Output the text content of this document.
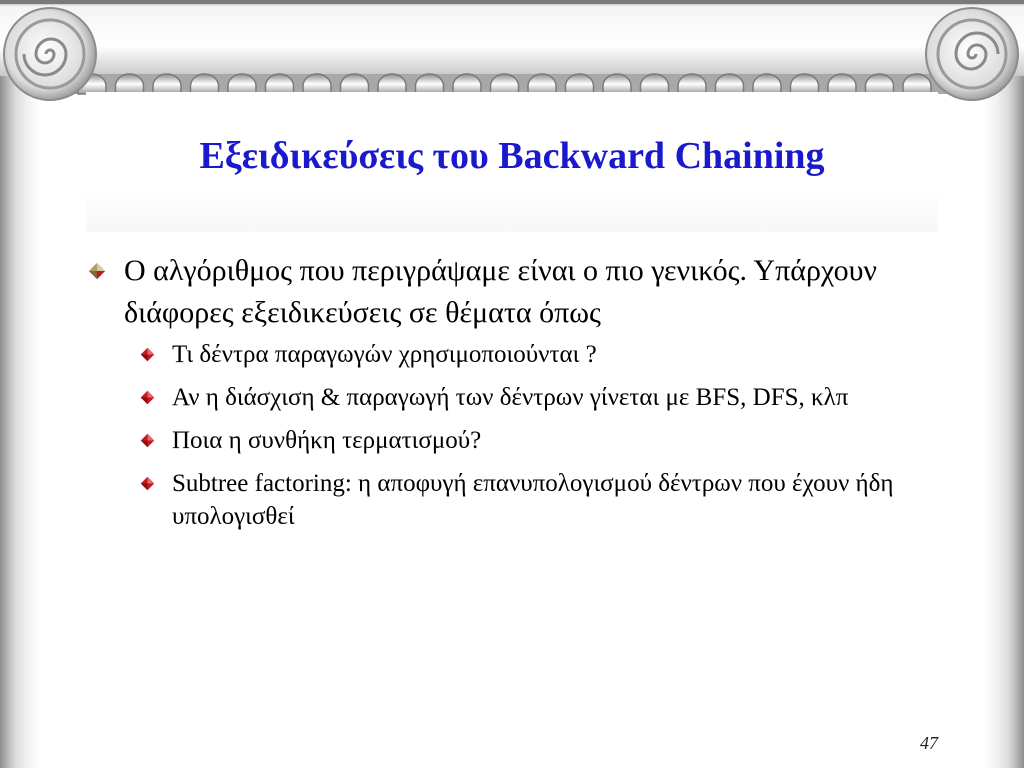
Εξειδικεύσεις του Backward Chaining

Ο αλγόριθμος που περιγράψαμε είναι ο πιο γενικός. Υπάρχουν διάφορες εξειδικεύσεις σε θέματα όπως

Τι δέντρα παραγωγών χρησιμοποιούνται ?
Αν η διάσχιση & παραγωγή των δέντρων γίνεται με BFS, DFS, κλπ
Ποια η συνθήκη τερματισμού?
Subtree factoring: η αποφυγή επανυπολογισμού δέντρων που έχουν ήδη υπολογισθεί
47
